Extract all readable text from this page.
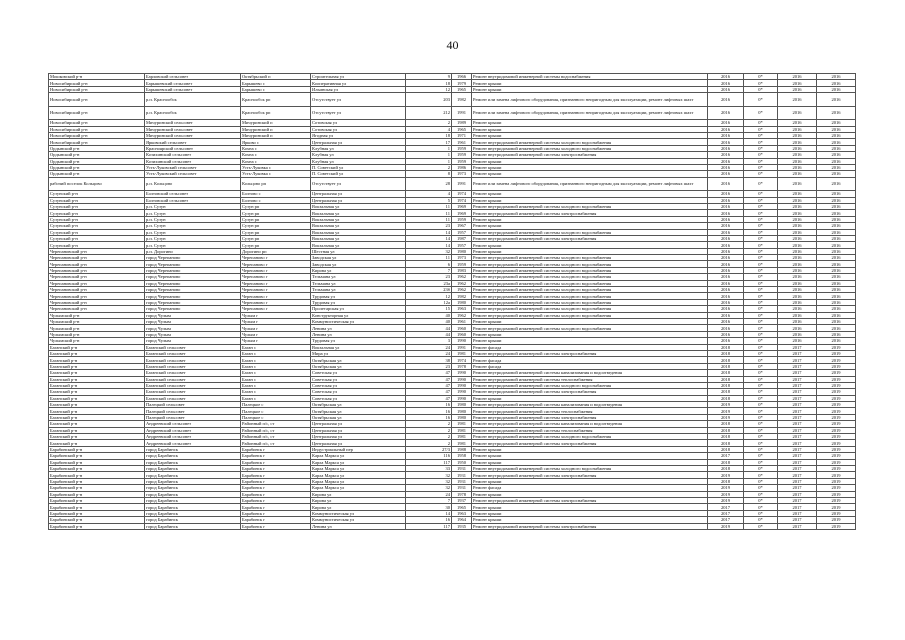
40
Мошковский р-н	Барловский сельсовет	Октябрьский п	Строительная ул	9	1966	Ремонт внутридомовой инженерной системы водоснабжения	2016	0*	2016	2016
Новосибирский р-н	Барышевский сельсовет	Барышево с	Кооперативная ул	18	1979	Ремонт крыши	2016	0*	2016	2016
Новосибирский р-н	Барышевский сельсовет	Барышево с	Ильинская ул	12	1965	Ремонт крыши	2016	0*	2016	2016
Новосибирский р-н	р.п. Краснообск	Краснообск рп	Отсутствует ул	203	1982	Ремонт или замена лифтового оборудования, признанного непригодным для эксплуатации, ремонт лифтовых шахт	2016	0*	2016	2016
Новосибирский р-н	р.п. Краснообск	Краснообск рп	Отсутствует ул	212	1991	Ремонт или замена лифтового оборудования, признанного непригодным для эксплуатации, ремонт лифтовых шахт	2016	0*	2016	2016
Новосибирский р-н	Мичуринский сельсовет	Мичуринский п	Сотовская ул	2	1989	Ремонт крыши	2016	0*	2016	2016
Новосибирский р-н	Мичуринский сельсовет	Мичуринский п	Сотовская ул	4	1965	Ремонт крыши	2016	0*	2016	2016
Новосибирский р-н	Мичуринский сельсовет	Мичуринский п	Ягодная ул	18	1971	Ремонт крыши	2016	0*	2016	2016
Новосибирский р-н	Ярковский сельсовет	Ярково с	Центральная ул	17	1961	Ремонт внутридомовой инженерной системы холодного водоснабжения	2016	0*	2016	2016
Ордынский р-н	Красноярский сельсовет	Кохна с	Клубная ул	1	1959	Ремонт внутридомовой инженерной системы холодного водоснабжения	2016	0*	2016	2016
Ордынский р-н	Козихинский сельсовет	Кохна с	Клубная ул	1	1959	Ремонт внутридомовой инженерной системы электроснабжения	2016	0*	2016	2016
Ордынский р-н	Козихинский сельсовет	Кохна с	Клубная ул	1	1959	Ремонт крыши	2016	0*	2016	2016
Ордынский р-н	Усть-Луковский сельсовет	Усть-Луковка с	П. Советский ул	2	1986	Ремонт крыши	2016	0*	2016	2016
Ордынский р-н	Усть-Луковский сельсовет	Усть-Луковка с	П. Советский ул	8	1973	Ремонт крыши	2016	0*	2016	2016
рабочий поселок Кольцово	р.п. Кольцово	Кольцово рп	Отсутствует ул	28	1991	Ремонт или замена лифтового оборудования, признанного непригодным для эксплуатации, ремонт лифтовых шахт	2016	0*	2016	2016
Сузунский р-н	Болтовский сельсовет	Болтово с	Центральная ул	4	1974	Ремонт крыши	2016	0*	2016	2016
Сузунский р-н	Болтовский сельсовет	Болтово с	Центральная ул	5	1974	Ремонт крыши	2016	0*	2016	2016
Сузунский р-н	р.п. Сузун	Сузун рп	Вокзальная ул	11	1969	Ремонт внутридомовой инженерной системы холодного водоснабжения	2016	0*	2016	2016
Сузунский р-н	р.п. Сузун	Сузун рп	Вокзальная ул	11	1969	Ремонт внутридомовой инженерной системы электроснабжения	2016	0*	2016	2016
Сузунский р-н	р.п. Сузун	Сузун рп	Вокзальная ул	11	1959	Ремонт крыши	2016	0*	2016	2016
Сузунский р-н	р.п. Сузун	Сузун рп	Вокзальная ул	23	1967	Ремонт крыши	2016	0*	2016	2016
Сузунский р-н	р.п. Сузун	Сузун рп	Вокзальная ул	14	1957	Ремонт внутридомовой инженерной системы холодного водоснабжения	2016	0*	2016	2016
Сузунский р-н	р.п. Сузун	Сузун рп	Вокзальная ул	14	1987	Ремонт внутридомовой инженерной системы электроснабжения	2016	0*	2016	2016
Сузунский р-н	р.п. Сузун	Сузун рп	Вокзальная ул	14	1957	Ремонт крыши	2016	0*	2016	2016
Черепановский р-н	р.п. Дорогино	Дорогино рп	Шестная ул	32	1980	Ремонт крыши	2016	0*	2016	2016
Черепановский р-н	город Черепаново	Черепаново г	Заводская ул	11	1973	Ремонт внутридомовой инженерной системы холодного водоснабжения	2016	0*	2016	2016
Черепановский р-н	город Черепаново	Черепаново г	Заводская ул	6	1959	Ремонт внутридомовой инженерной системы холодного водоснабжения	2016	0*	2016	2016
Черепановский р-н	город Черепаново	Черепаново г	Кирова ул	7	1983	Ремонт внутридомовой инженерной системы холодного водоснабжения	2016	0*	2016	2016
Черепановский р-н	город Черепаново	Черепаново г	Тельмана ул	23	1962	Ремонт внутридомовой инженерной системы холодного водоснабжения	2016	0*	2016	2016
Черепановский р-н	город Черепаново	Черепаново г	Тельмана ул	23а	1962	Ремонт внутридомовой инженерной системы холодного водоснабжения	2016	0*	2016	2016
Черепановский р-н	город Черепаново	Черепаново г	Тельмана ул	23б	1962	Ремонт внутридомовой инженерной системы холодного водоснабжения	2016	0*	2016	2016
Черепановский р-н	город Черепаново	Черепаново г	Трудовая ул	12	1982	Ремонт внутридомовой инженерной системы холодного водоснабжения	2016	0*	2016	2016
Черепановский р-н	город Черепаново	Черепаново г	Трудовая ул	12а	1980	Ремонт внутридомовой инженерной системы холодного водоснабжения	2016	0*	2016	2016
Черепановский р-н	город Черепаново	Черепаново г	Пролетарская ул	15	1963	Ремонт внутридомовой инженерной системы холодного водоснабжения	2016	0*	2016	2016
Чулымский р-н	город Чулым	Чулым г	Конструкторная ул	40	1962	Ремонт внутридомовой инженерной системы холодного водоснабжения	2016	0*	2016	2016
Чулымский р-н	город Чулым	Чулым г	Коммунистическая ул	40	1961	Ремонт крыши	2016	0*	2016	2016
Чулымский р-н	город Чулым	Чулым г	Ленина ул	44	1960	Ремонт внутридомовой инженерной системы холодного водоснабжения	2016	0*	2016	2016
Чулымский р-н	город Чулым	Чулым г	Ленина ул	44	1960	Ремонт крыши	2016	0*	2016	2016
Чулымский р-н	город Чулым	Чулым г	Трудовая ул	3	1990	Ремонт крыши	2016	0*	2016	2016
Баганский р-н	Баганский сельсовет	Баган с	Вокзальная ул	24	1991	Ремонт фасада	2018	0*	2017	2019
Баганский р-н	Баганский сельсовет	Баган с	Мира ул	24	1981	Ремонт внутридомовой инженерной системы электроснабжения	2018	0*	2017	2019
Баганский р-н	Баганский сельсовет	Баган с	Октябрьская ул	38	1974	Ремонт фасада	2018	0*	2017	2019
Баганский р-н	Баганский сельсовет	Баган с	Октябрьская ул	23	1978	Ремонт фасада	2018	0*	2017	2019
Баганский р-н	Баганский сельсовет	Баган с	Советская ул	47	1990	Ремонт внутридомовой инженерной системы канализования и водоотведения	2018	0*	2017	2019
Баганский р-н	Баганский сельсовет	Баган с	Советская ул	47	1990	Ремонт внутридомовой инженерной системы теплоснабжения	2018	0*	2017	2019
Баганский р-н	Баганский сельсовет	Баган с	Советская ул	47	1990	Ремонт внутридомовой инженерной системы холодного водоснабжения	2018	0*	2017	2019
Баганский р-н	Баганский сельсовет	Баган с	Советская ул	47	1990	Ремонт внутридомовой инженерной системы электроснабжения	2018	0*	2017	2019
Баганский р-н	Баганский сельсовет	Баган с	Советская ул	47	1990	Ремонт крыши	2018	0*	2017	2019
Баганский р-н	Палецкий сельсовет	Палецкое с	Октябрьская ул	16	1980	Ремонт внутридомовой инженерной системы канализования и водоотведения	2019	0*	2017	2019
Баганский р-н	Палецкий сельсовет	Палецкое с	Октябрьская ул	16	1980	Ремонт внутридомовой инженерной системы теплоснабжения	2019	0*	2017	2019
Баганский р-н	Палецкий сельсовет	Палецкое с	Октябрьская ул	16	1980	Ремонт внутридомовой инженерной системы электроснабжения	2019	0*	2017	2019
Баганский р-н	Андреевский сельсовет	Районный п/с, ст	Центральная ул	2	1981	Ремонт внутридомовой инженерной системы канализования и водоотведения	2018	0*	2017	2019
Баганский р-н	Андреевский сельсовет	Районный п/с, ст	Центральная ул	2	1981	Ремонт внутридомовой инженерной системы теплоснабжения	2018	0*	2017	2019
Баганский р-н	Андреевский сельсовет	Районный п/с, ст	Центральная ул	2	1981	Ремонт внутридомовой инженерной системы холодного водоснабжения	2018	0*	2017	2019
Баганский р-н	Андреевский сельсовет	Районный п/с, ст	Центральная ул	2	1981	Ремонт внутридомовой инженерной системы электроснабжения	2018	0*	2017	2019
Барабинский р-н	город Барабинск	Барабинск г	Индустриальный пер	27/3	1988	Ремонт крыши	2018	0*	2017	2019
Барабинский р-н	город Барабинск	Барабинск г	Карла Маркса ул	116	1958	Ремонт крыши	2017	0*	2017	2019
Барабинский р-н	город Барабинск	Барабинск г	Карла Маркса ул	117	1950	Ремонт крыши	2018	0*	2017	2019
Барабинский р-н	город Барабинск	Барабинск г	Карла Маркса ул	33	1931	Ремонт внутридомовой инженерной системы холодного водоснабжения	2018	0*	2017	2019
Барабинский р-н	город Барабинск	Барабинск г	Карла Маркса ул	32	1931	Ремонт внутридомовой инженерной системы электроснабжения	2019	0*	2017	2019
Барабинский р-н	город Барабинск	Барабинск г	Карла Маркса ул	32	1931	Ремонт крыши	2018	0*	2017	2019
Барабинский р-н	город Барабинск	Барабинск г	Карла Маркса ул	32	1931	Ремонт фасада	2019	0*	2017	2019
Барабинский р-н	город Барабинск	Барабинск г	Кирова ул	24	1978	Ремонт крыши	2019	0*	2017	2019
Барабинский р-н	город Барабинск	Барабинск г	Кирова ул	7	1937	Ремонт внутридомовой инженерной системы электроснабжения	2019	0*	2017	2019
Барабинский р-н	город Барабинск	Барабинск г	Кирова ул	30	1965	Ремонт крыши	2017	0*	2017	2019
Барабинский р-н	город Барабинск	Барабинск г	Коммунистическая ул	14	1963	Ремонт крыши	2017	0*	2017	2019
Барабинский р-н	город Барабинск	Барабинск г	Коммунистическая ул	16	1964	Ремонт крыши	2017	0*	2017	2019
Барабинский р-н	город Барабинск	Барабинск г	Ленина ул	117	1935	Ремонт внутридомовой инженерной системы электроснабжения	2019	0*	2017	2019
